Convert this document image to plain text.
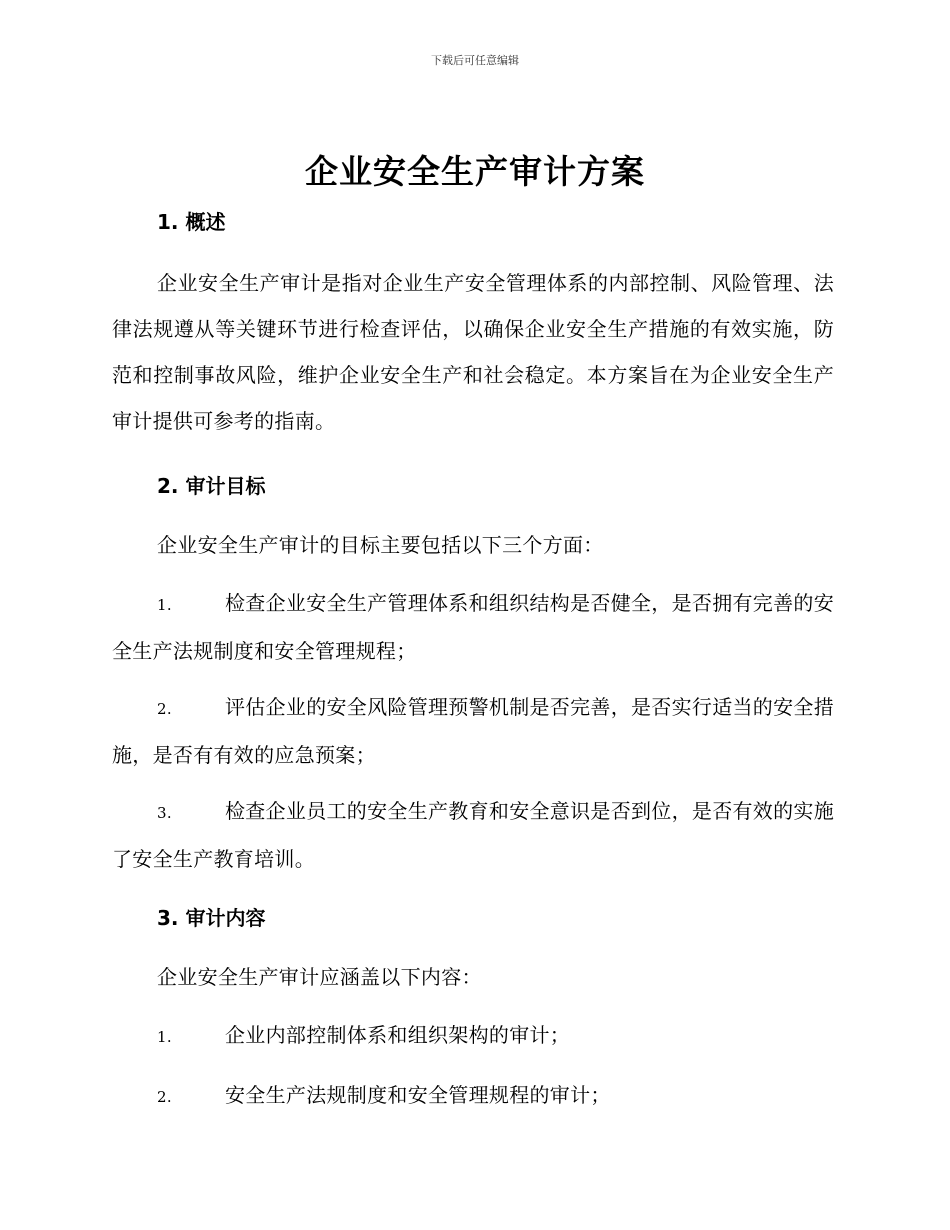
下载后可任意编辑
企业安全生产审计方案
1. 概述

企业安全生产审计是指对企业生产安全管理体系的内部控制、风险管理、法律法规遵从等关键环节进行检查评估，以确保企业安全生产措施的有效实施，防范和控制事故风险，维护企业安全生产和社会稳定。本方案旨在为企业安全生产审计提供可参考的指南。

2. 审计目标

企业安全生产审计的目标主要包括以下三个方面：

1.	检查企业安全生产管理体系和组织结构是否健全，是否拥有完善的安全生产法规制度和安全管理规程；

2.	评估企业的安全风险管理预警机制是否完善，是否实行适当的安全措施，是否有有效的应急预案；

3.	检查企业员工的安全生产教育和安全意识是否到位，是否有效的实施了安全生产教育培训。

3. 审计内容

企业安全生产审计应涵盖以下内容：

1.	企业内部控制体系和组织架构的审计；

2.	安全生产法规制度和安全管理规程的审计；
